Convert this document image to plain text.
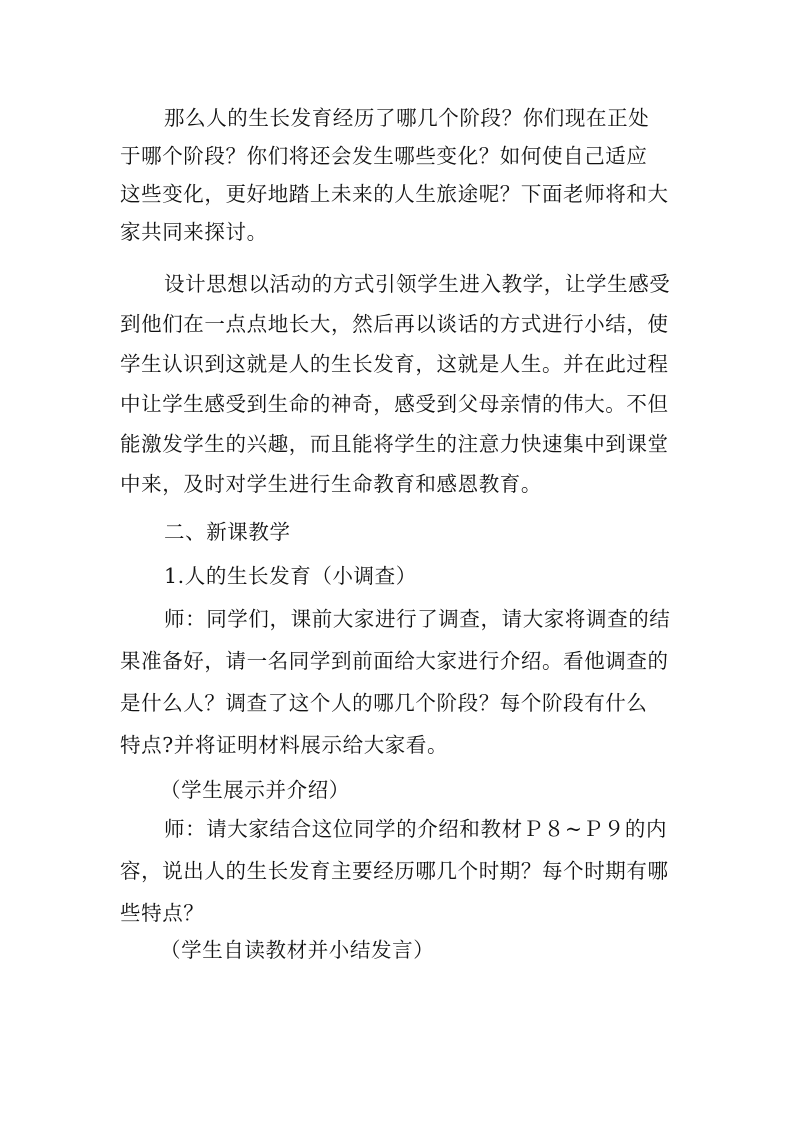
那么人的生长发育经历了哪几个阶段？你们现在正处
于哪个阶段？你们将还会发生哪些变化？如何使自己适应
这些变化，更好地踏上未来的人生旅途呢？下面老师将和大
家共同来探讨。
设计思想以活动的方式引领学生进入教学，让学生感受
到他们在一点点地长大，然后再以谈话的方式进行小结，使
学生认识到这就是人的生长发育，这就是人生。并在此过程
中让学生感受到生命的神奇，感受到父母亲情的伟大。不但
能激发学生的兴趣，而且能将学生的注意力快速集中到课堂
中来，及时对学生进行生命教育和感恩教育。
二、新课教学
1.人的生长发育（小调查）
师：同学们，课前大家进行了调查，请大家将调查的结
果准备好，请一名同学到前面给大家进行介绍。看他调查的
是什么人？调查了这个人的哪几个阶段？每个阶段有什么
特点?并将证明材料展示给大家看。
（学生展示并介绍）
师：请大家结合这位同学的介绍和教材Ｐ８~Ｐ９的内
容，说出人的生长发育主要经历哪几个时期？每个时期有哪
些特点？
（学生自读教材并小结发言）
